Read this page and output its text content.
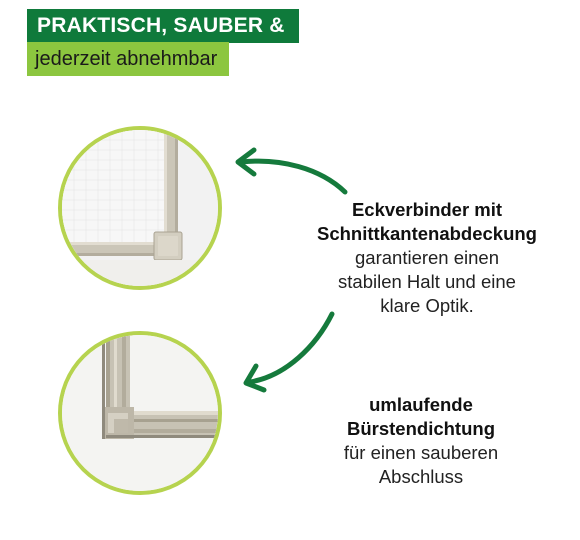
PRAKTISCH, SAUBER &
jederzeit abnehmbar
Eckverbinder mit
Schnittkantenabdeckung
garantieren einen
stabilen Halt und eine
klare Optik.
umlaufende
Bürstendichtung
für einen sauberen
Abschluss
